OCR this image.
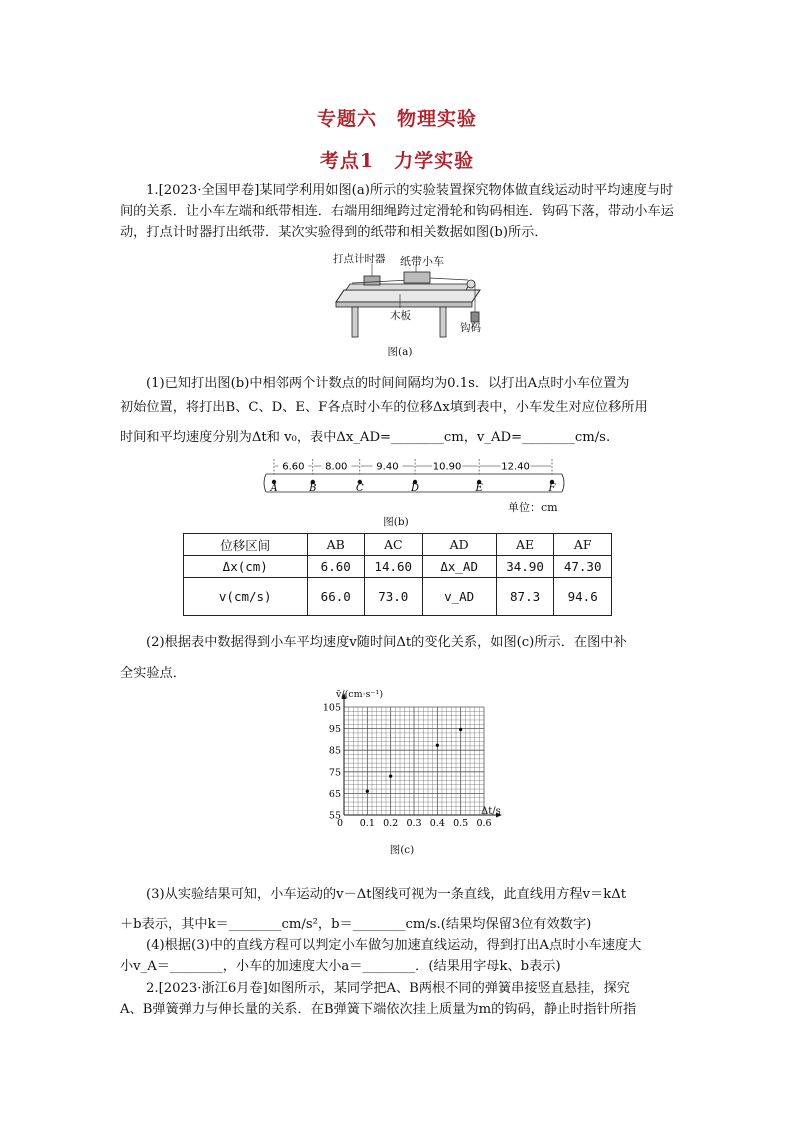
专题六　物理实验
考点1　力学实验
1.[2023·全国甲卷]某同学利用如图(a)所示的实验装置探究物体做直线运动时平均速度与时间的关系．让小车左端和纸带相连．右端用细绳跨过定滑轮和钩码相连．钩码下落，带动小车运动，打点计时器打出纸带．某次实验得到的纸带和相关数据如图(b)所示．
打点计时器 纸带小车
木板
钩码
图(a)
(1)已知打出图(b)中相邻两个计数点的时间间隔均为0.1s．以打出A点时小车位置为
初始位置，将打出B、C、D、E、F各点时小车的位移Δx填到表中，小车发生对应位移所用
时间和平均速度分别为Δt和 v₀，表中Δx_AD=________cm，v_AD=________cm/s.
6.60 8.00	9.40	10.90	12.40
A	B	C	D	E	F
单位：cm
图(b)
位移区间	AB	AC	AD	AE	AF
Δx(cm)	6.60	14.60	Δx_AD	34.90	47.30
v(cm/s)	66.0	73.0	v_AD	87.3	94.6
(2)根据表中数据得到小车平均速度v随时间Δt的变化关系，如图(c)所示．在图中补
全实验点．
0 0.1 0.2 0.3 0.4 0.5 0.6
55
65
75
85
95
105
v̄/(cm·s⁻¹)
Δt/s
图(c)
(3)从实验结果可知，小车运动的v－Δt图线可视为一条直线，此直线用方程v＝kΔt
＋b表示，其中k＝________cm/s²，b＝________cm/s.(结果均保留3位有效数字)
(4)根据(3)中的直线方程可以判定小车做匀加速直线运动，得到打出A点时小车速度大
小v_A＝________，小车的加速度大小a＝________．(结果用字母k、b表示)
2.[2023·浙江6月卷]如图所示，某同学把A、B两根不同的弹簧串接竖直悬挂，探究
A、B弹簧弹力与伸长量的关系．在B弹簧下端依次挂上质量为m的钩码，静止时指针所指
